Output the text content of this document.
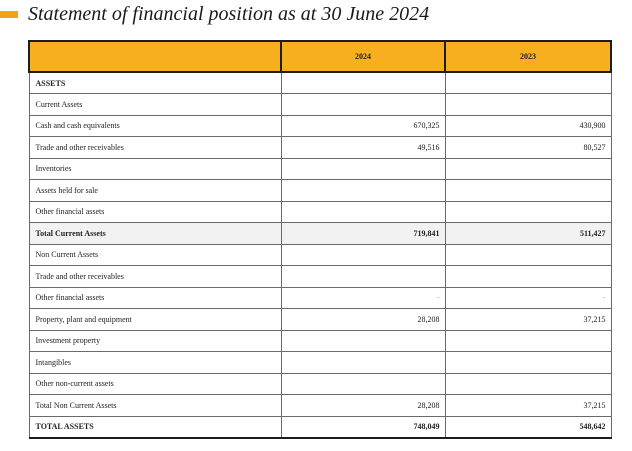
Statement of financial position as at 30 June 2024
	2024	2023
ASSETS		
Current Assets		
Cash and cash equivalents	670,325	430,900
Trade and other receivables	49,516	80,527
Inventories		
Assets held for sale		
Other financial assets		
Total Current Assets	719,841	511,427
Non Current Assets		
Trade and other receivables		
Other financial assets	-	-
Property, plant and equipment	28,208	37,215
Investment property		
Intangibles		
Other non-current assets		
Total Non Current Assets	28,208	37,215
TOTAL ASSETS	748,049	548,642
